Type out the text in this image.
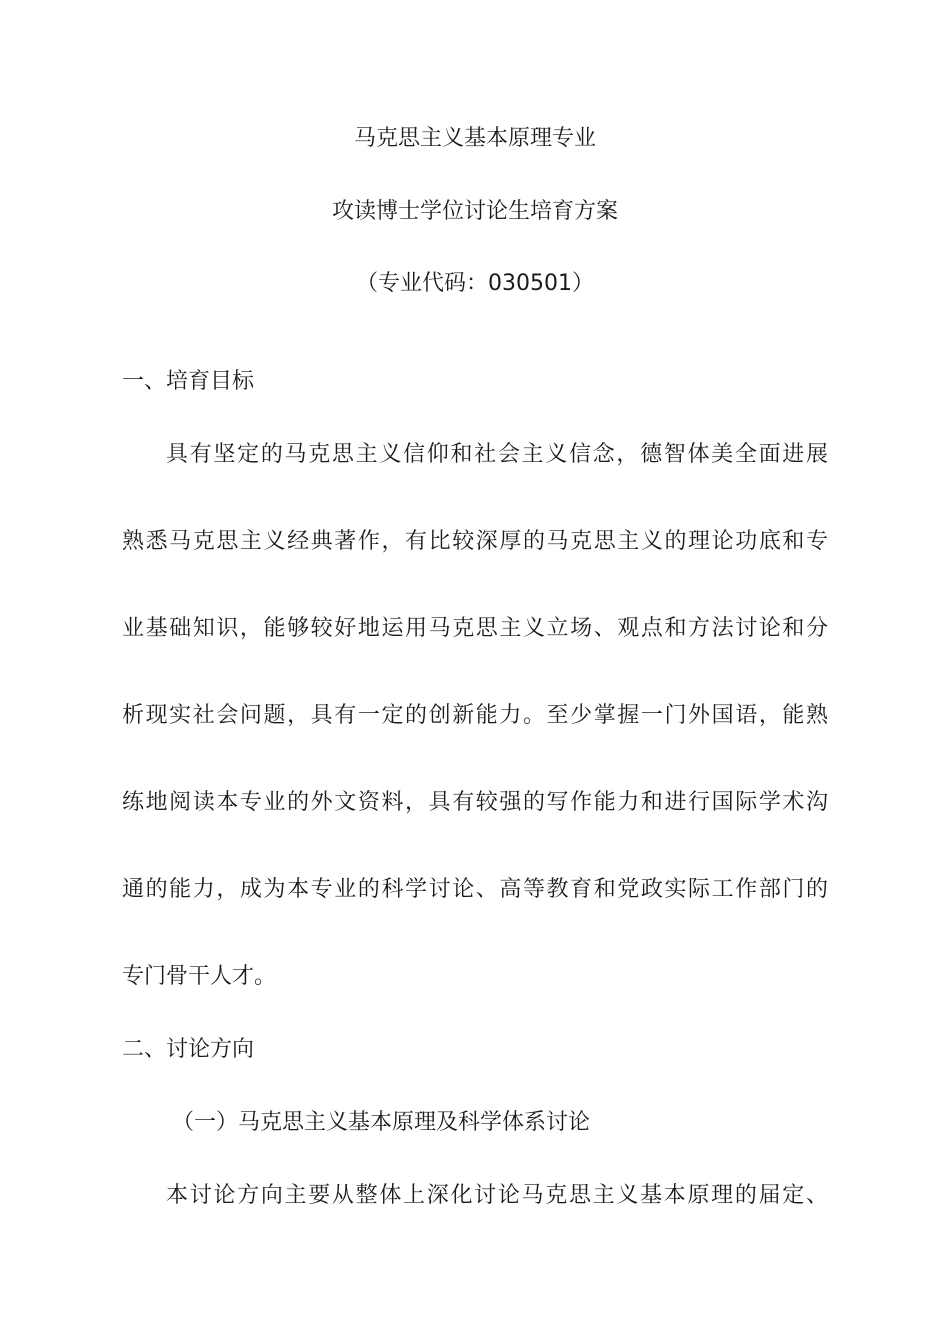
马克思主义基本原理专业
攻读博士学位讨论生培育方案
（专业代码：030501）
一、培育目标
具有坚定的马克思主义信仰和社会主义信念，德智体美全面进展
熟悉马克思主义经典著作，有比较深厚的马克思主义的理论功底和专
业基础知识，能够较好地运用马克思主义立场、观点和方法讨论和分
析现实社会问题，具有一定的创新能力。至少掌握一门外国语，能熟
练地阅读本专业的外文资料，具有较强的写作能力和进行国际学术沟
通的能力，成为本专业的科学讨论、高等教育和党政实际工作部门的
专门骨干人才。
二、讨论方向
（一）马克思主义基本原理及科学体系讨论
本讨论方向主要从整体上深化讨论马克思主义基本原理的届定、
